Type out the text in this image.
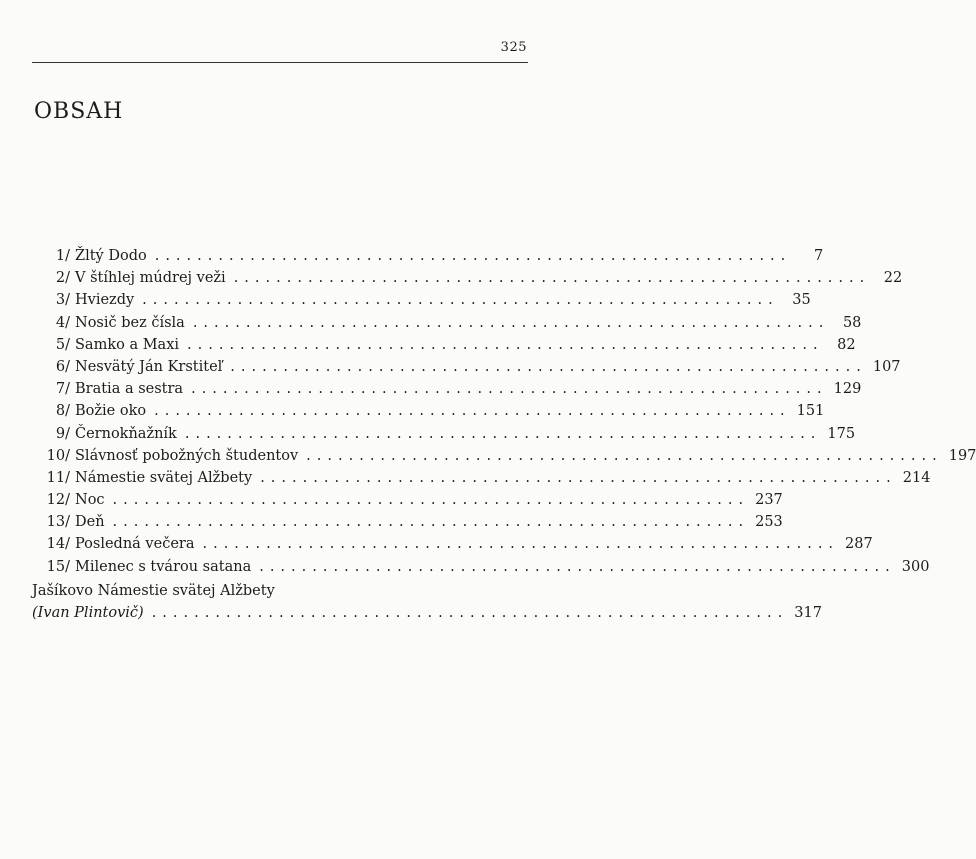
325
OBSAH
1/ Žltý Dodo ............................................................	7
2/ V štíhlej múdrej veži ............................................................ 22
3/ Hviezdy ............................................................ 35
4/ Nosič bez čísla ............................................................ 58
5/ Samko a Maxi ............................................................ 82
6/ Nesvätý Ján Krstiteľ ............................................................ 107
7/ Bratia a sestra ............................................................ 129
8/ Božie oko ............................................................ 151
9/ Černokňažník ............................................................ 175
10/ Slávnosť pobožných študentov ............................................................ 197
11/ Námestie svätej Alžbety ............................................................ 214
12/ Noc ............................................................ 237
13/ Deň ............................................................ 253
14/ Posledná večera ............................................................ 287
15/ Milenec s tvárou satana ............................................................ 300
Jašíkovo Námestie svätej Alžbety
(Ivan Plintovič) ............................................................ 317
